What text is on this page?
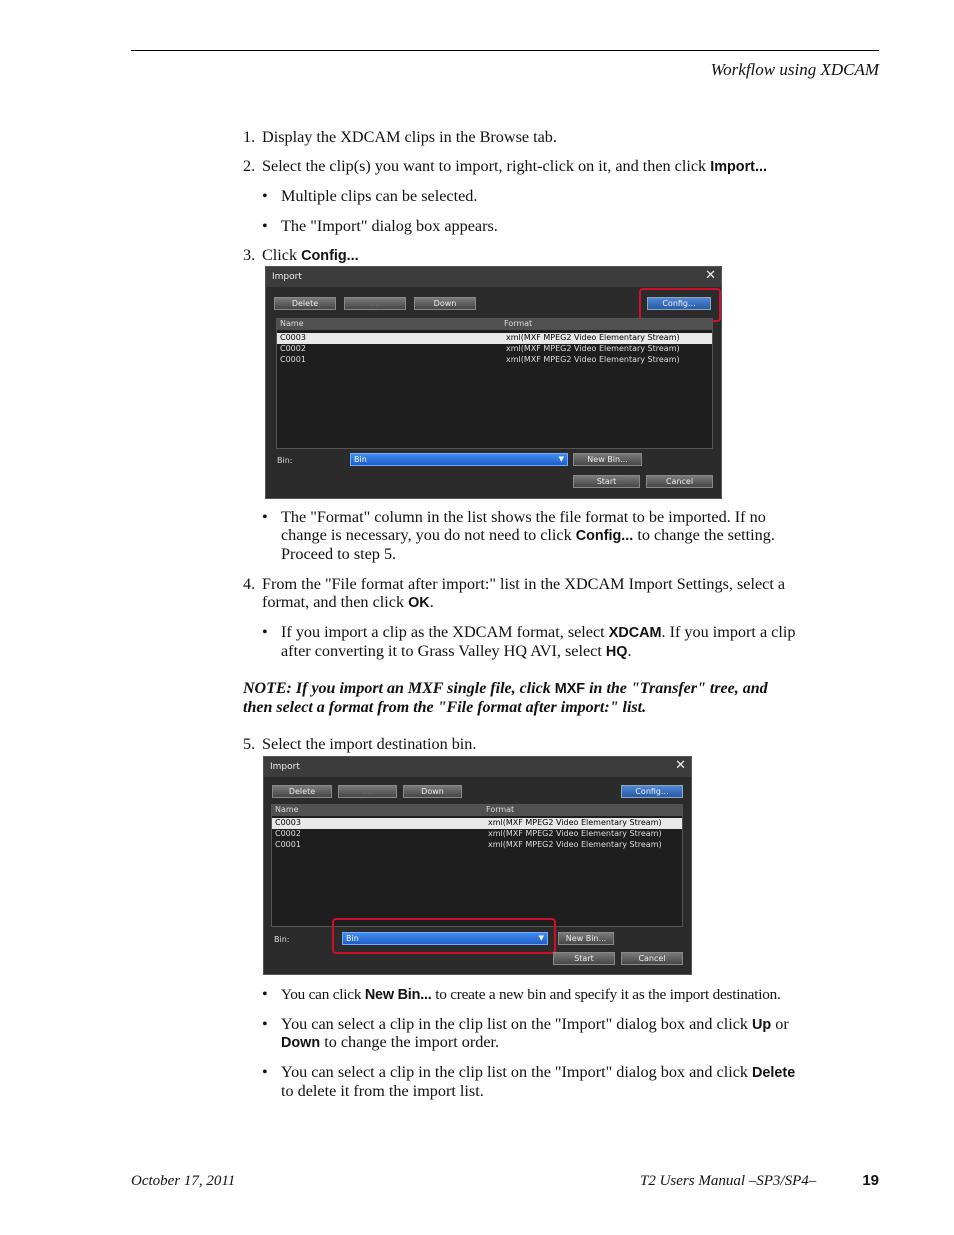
Workflow using XDCAM
1. Display the XDCAM clips in the Browse tab.
2. Select the clip(s) you want to import, right-click on it, and then click Import...
• Multiple clips can be selected.
• The "Import" dialog box appears.
3. Click Config...
Import	✕
Delete	Up	Down	Config...
Name	Format
C0003	xml(MXF MPEG2 Video Elementary Stream)
C0002	xml(MXF MPEG2 Video Elementary Stream)
C0001	xml(MXF MPEG2 Video Elementary Stream)
Bin:	Bin	▼	New Bin...
Start	Cancel
• The "Format" column in the list shows the file format to be imported. If no
change is necessary, you do not need to click Config... to change the setting.
Proceed to step 5.
4. From the "File format after import:" list in the XDCAM Import Settings, select a
format, and then click OK.
• If you import a clip as the XDCAM format, select XDCAM. If you import a clip
after converting it to Grass Valley HQ AVI, select HQ.
NOTE: If you import an MXF single file, click MXF in the "Transfer" tree, and
then select a format from the "File format after import:" list.
5. Select the import destination bin.
Import	✕
Delete	Up	Down	Config...
Name	Format
C0003	xml(MXF MPEG2 Video Elementary Stream)
C0002	xml(MXF MPEG2 Video Elementary Stream)
C0001	xml(MXF MPEG2 Video Elementary Stream)
Bin:	Bin	▼	New Bin...
Start	Cancel
• You can click New Bin... to create a new bin and specify it as the import destination.
• You can select a clip in the clip list on the "Import" dialog box and click Up or
Down to change the import order.
• You can select a clip in the clip list on the "Import" dialog box and click Delete
to delete it from the import list.
October 17, 2011	T2 Users Manual –SP3/SP4–	19
